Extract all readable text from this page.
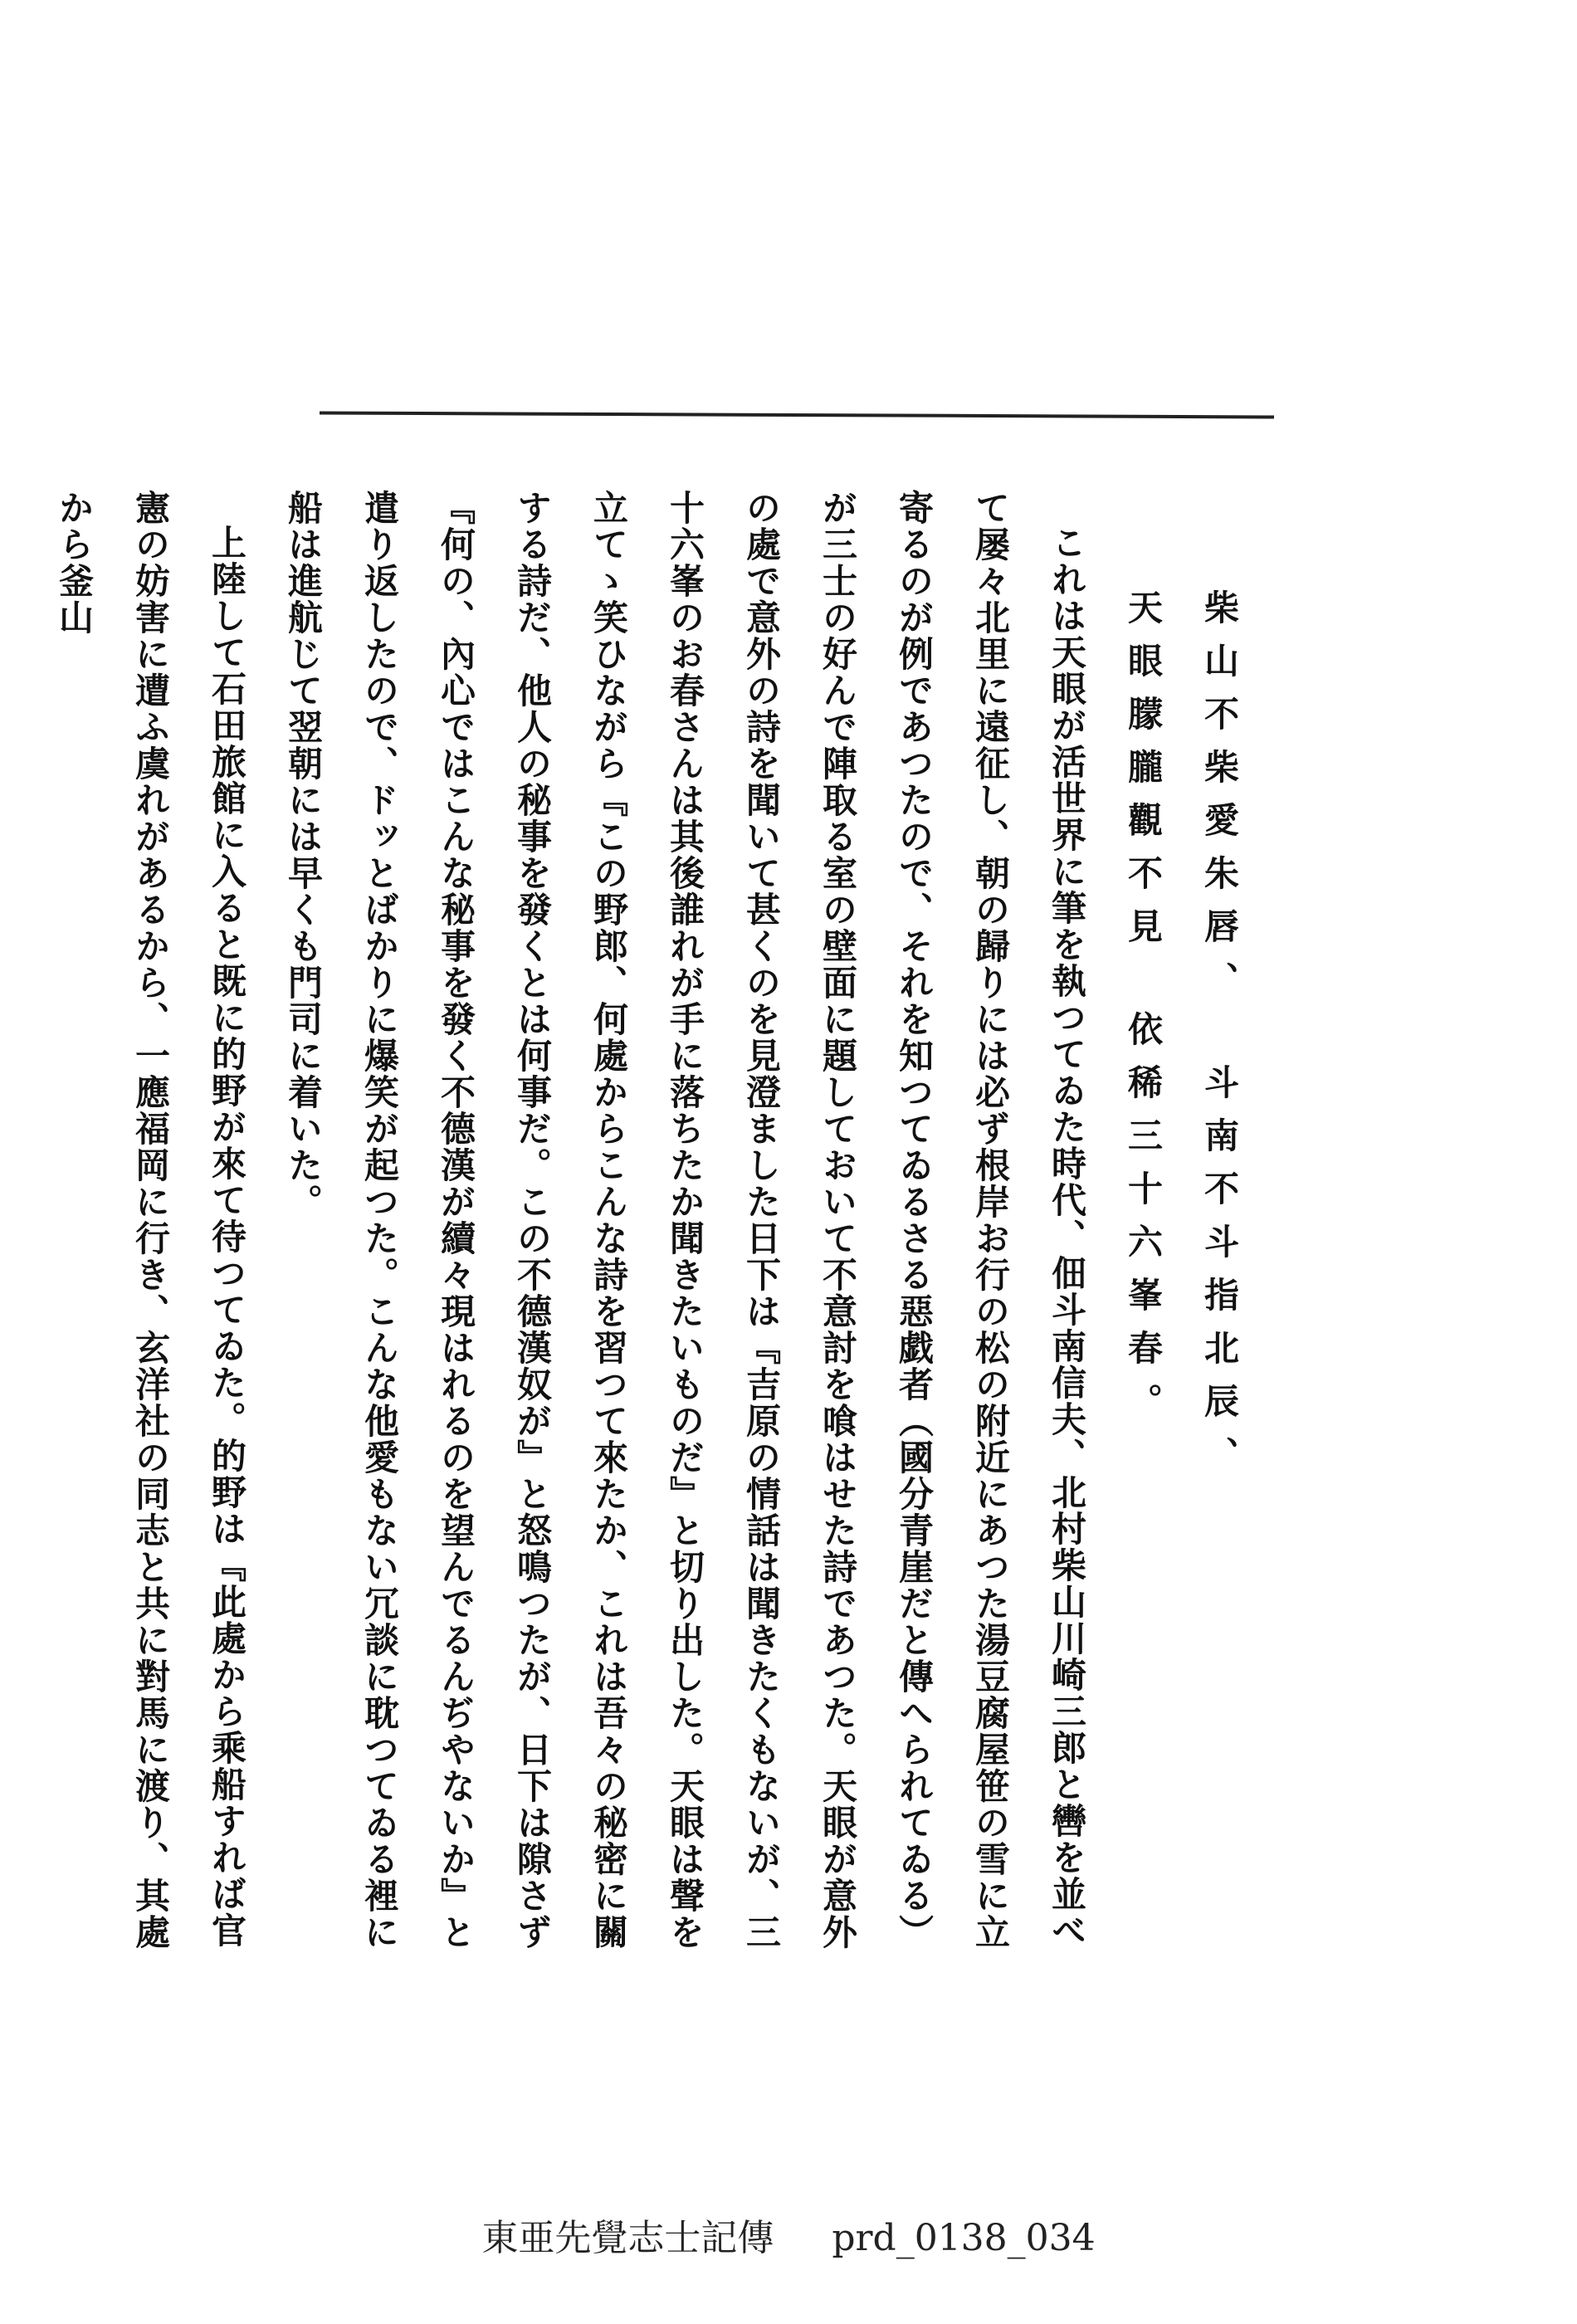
柴山不柴愛朱唇、斗南不斗指北辰、
天眼朦朧觀不見依稀三十六峯春。

これは天眼が活世界に筆を執つてゐた時代、佃斗南信夫、北村柴山川崎三郎と轡を並べて屡々北里に遠征し、朝の歸りには必ず根岸お行の松の附近にあつた湯豆腐屋笹の雪に立寄るのが例であつたので、それを知つてゐるさる惡戯者（國分青崖だと傳へられてゐる）が三士の好んで陣取る室の壁面に題しておいて不意討を喰はせた詩であつた。天眼が意外の處で意外の詩を聞いて甚くのを見澄ました日下は『吉原の情話は聞きたくもないが、三十六峯のお春さんは其後誰れが手に落ちたか聞きたいものだ』と切り出した。天眼は聲を立てゝ笑ひながら『この野郎、何處からこんな詩を習つて來たか、これは吾々の秘密に關する詩だ、他人の秘事を發くとは何事だ。この不德漢奴が』と怒鳴つたが、日下は隙さず『何の、內心ではこんな秘事を發く不德漢が續々現はれるのを望んでるんぢやないか』と遣り返したので、ドッとばかりに爆笑が起つた。こんな他愛もない冗談に耽つてゐる裡に船は進航じて翌朝には早くも門司に着いた。

上陸して石田旅館に入ると既に的野が來て待つてゐた。的野は『此處から乘船すれば官憲の妨害に遭ふ虞れがあるから、一應福岡に行き、玄洋社の同志と共に對馬に渡り、其處から釜山

東亜先覺志士記傳 prd_0138_034
